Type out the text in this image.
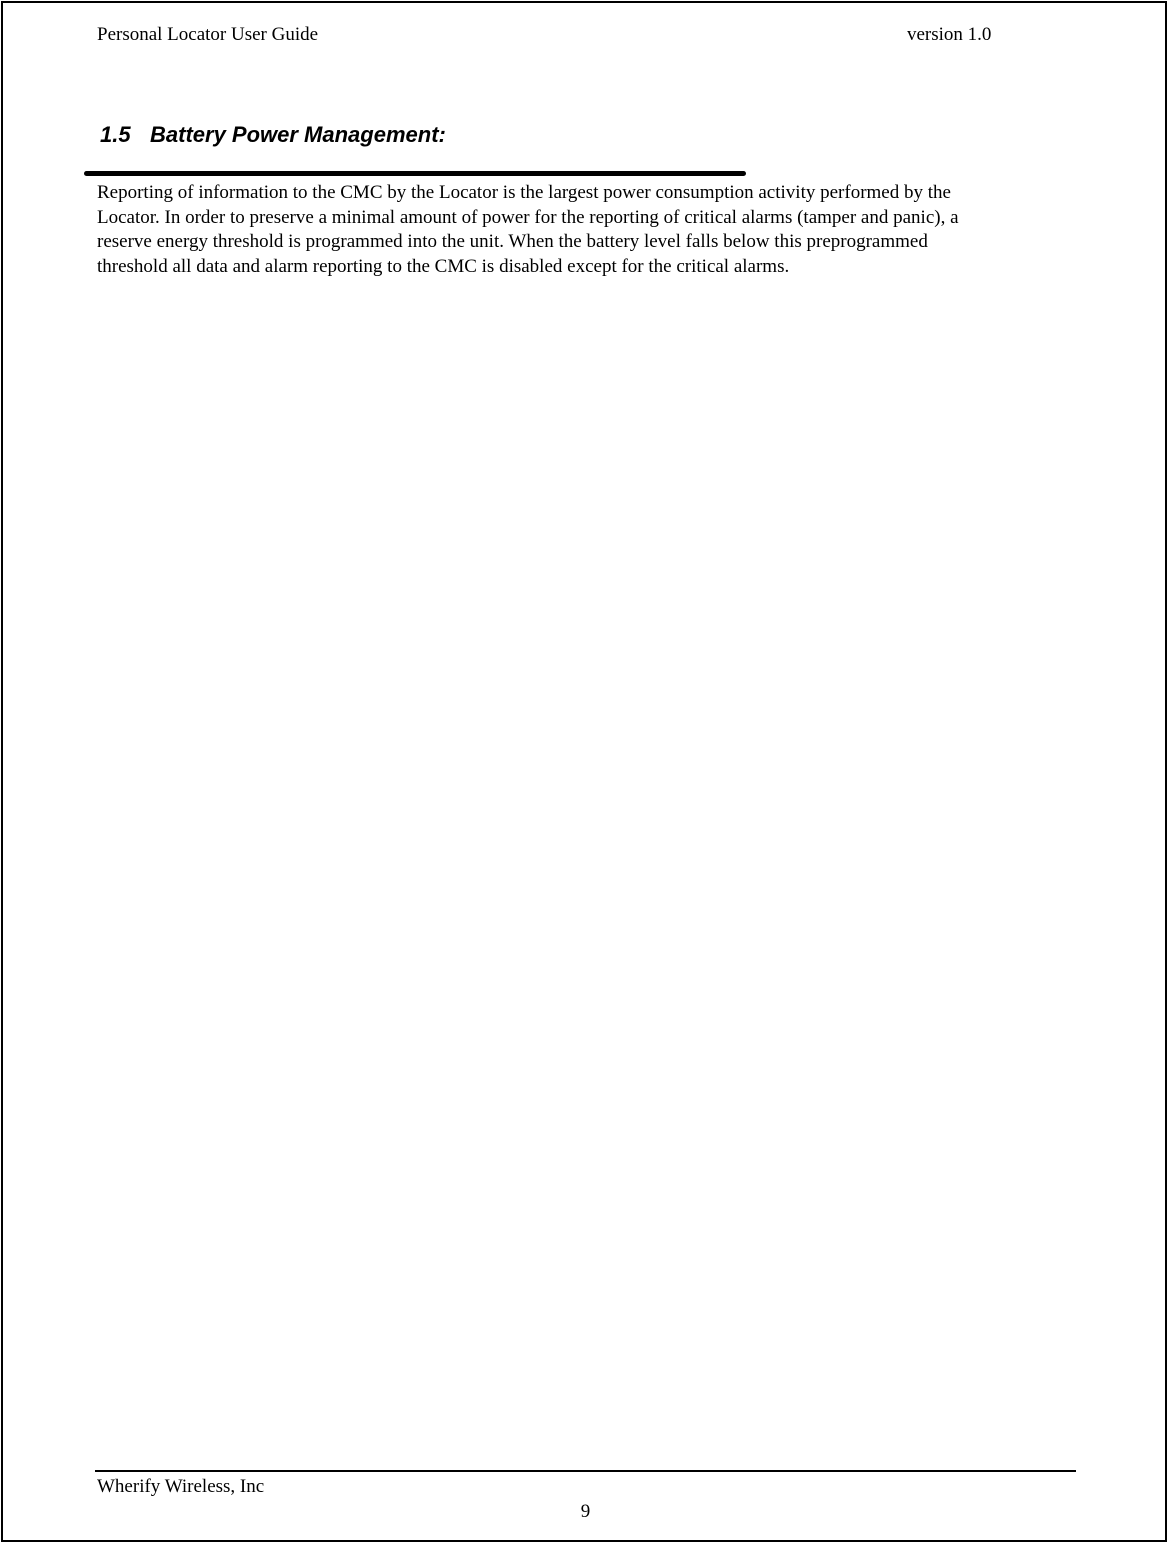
Personal Locator User Guide	version 1.0
1.5 Battery Power Management:
Reporting of information to the CMC by the Locator is the largest power consumption activity performed by the
Locator. In order to preserve a minimal amount of power for the reporting of critical alarms (tamper and panic), a
reserve energy threshold is programmed into the unit. When the battery level falls below this preprogrammed
threshold all data and alarm reporting to the CMC is disabled except for the critical alarms.
Wherify Wireless, Inc
9
